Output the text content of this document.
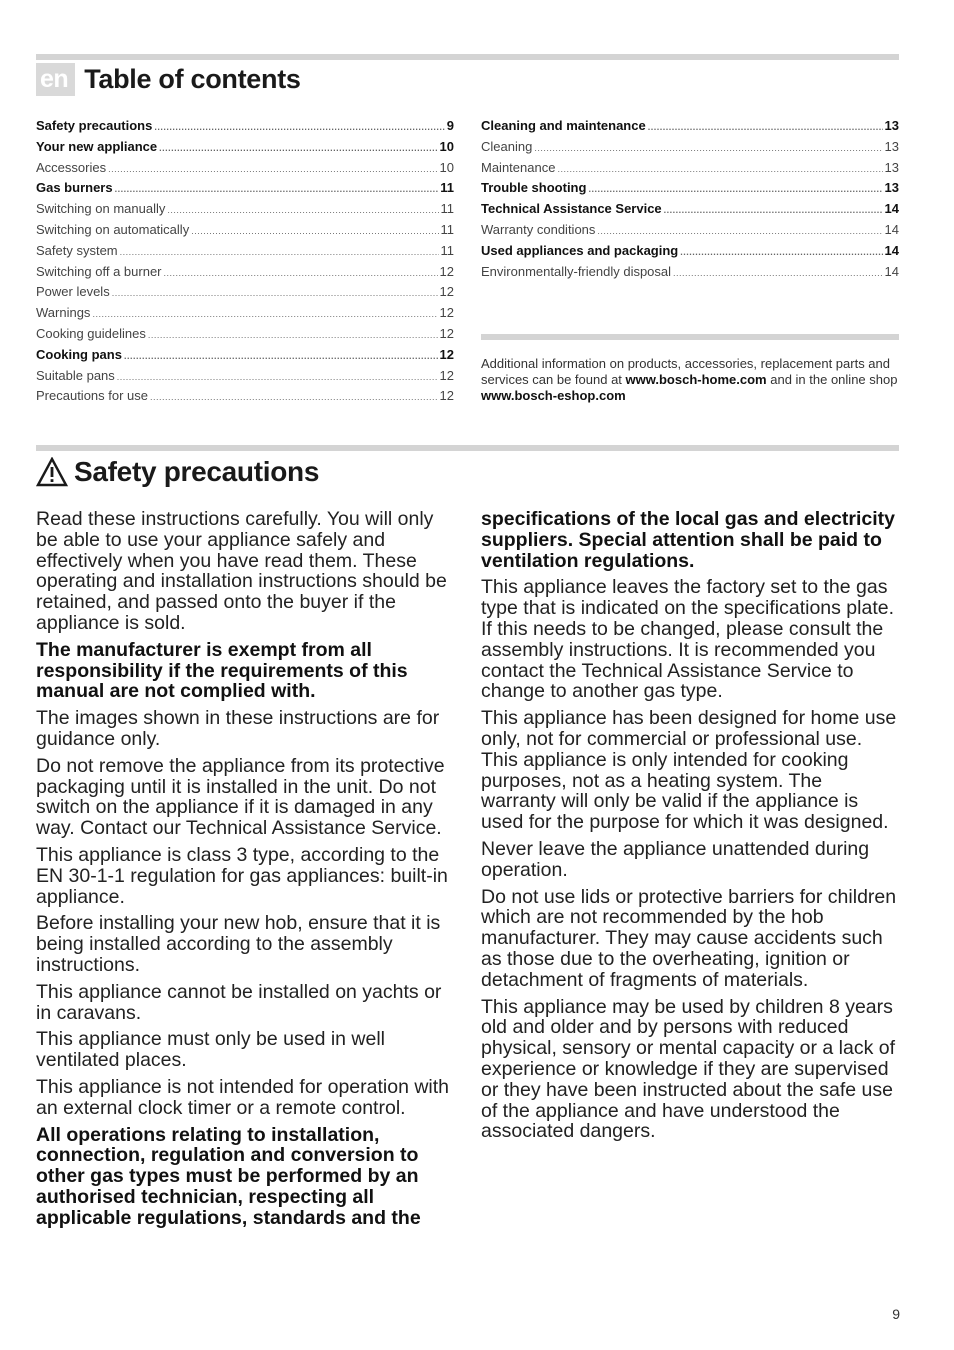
en Table of contents
Safety precautions .....	9
Your new appliance .....	10
Accessories .....	10
Gas burners .....	11
Switching on manually .....	11
Switching on automatically .....	11
Safety system .....	11
Switching off a burner .....	12
Power levels .....	12
Warnings .....	12
Cooking guidelines .....	12
Cooking pans .....	12
Suitable pans .....	12
Precautions for use .....	12
Cleaning and maintenance .....	13
Cleaning .....	13
Maintenance .....	13
Trouble shooting .....	13
Technical Assistance Service .....	14
Warranty conditions .....	14
Used appliances and packaging .....	14
Environmentally-friendly disposal .....	14
Additional information on products, accessories, replacement parts and services can be found at www.bosch-home.com and in the online shop www.bosch-eshop.com
Safety precautions

Read these instructions carefully. You will only be able to use your appliance safely and effectively when you have read them. These operating and installation instructions should be retained, and passed onto the buyer if the appliance is sold.

The manufacturer is exempt from all responsibility if the requirements of this manual are not complied with.

The images shown in these instructions are for guidance only.

Do not remove the appliance from its protective packaging until it is installed in the unit. Do not switch on the appliance if it is damaged in any way. Contact our Technical Assistance Service.

This appliance is class 3 type, according to the EN 30-1-1 regulation for gas appliances: built-in appliance.

Before installing your new hob, ensure that it is being installed according to the assembly instructions.

This appliance cannot be installed on yachts or in caravans.

This appliance must only be used in well ventilated places.

This appliance is not intended for operation with an external clock timer or a remote control.

All operations relating to installation, connection, regulation and conversion to other gas types must be performed by an authorised technician, respecting all applicable regulations, standards and the

specifications of the local gas and electricity suppliers. Special attention shall be paid to ventilation regulations.

This appliance leaves the factory set to the gas type that is indicated on the specifications plate. If this needs to be changed, please consult the assembly instructions. It is recommended you contact the Technical Assistance Service to change to another gas type.

This appliance has been designed for home use only, not for commercial or professional use. This appliance is only intended for cooking purposes, not as a heating system. The warranty will only be valid if the appliance is used for the purpose for which it was designed.

Never leave the appliance unattended during operation.

Do not use lids or protective barriers for children which are not recommended by the hob manufacturer. They may cause accidents such as those due to the overheating, ignition or detachment of fragments of materials.

This appliance may be used by children 8 years old and older and by persons with reduced physical, sensory or mental capacity or a lack of experience or knowledge if they are supervised or they have been instructed about the safe use of the appliance and have understood the associated dangers.

9
